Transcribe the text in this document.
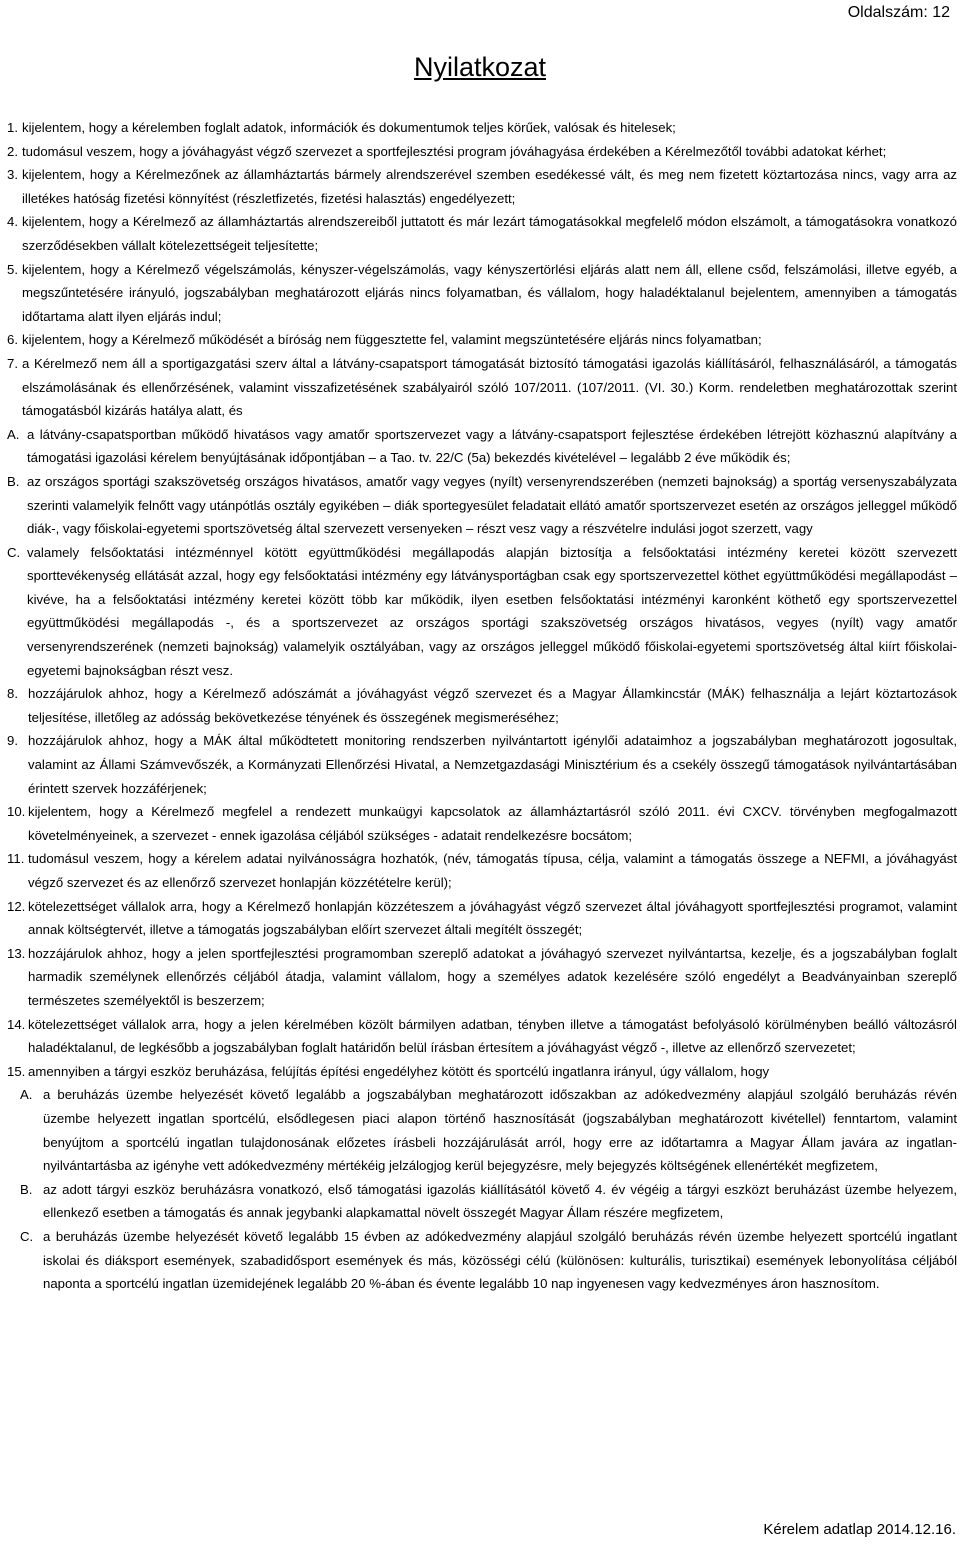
Oldalszám: 12
Nyilatkozat
1. kijelentem, hogy a kérelemben foglalt adatok, információk és dokumentumok teljes körűek, valósak és hitelesek;
2. tudomásul veszem, hogy a jóváhagyást végző szervezet a sportfejlesztési program jóváhagyása érdekében a Kérelmezőtől további adatokat kérhet;
3. kijelentem, hogy a Kérelmezőnek az államháztartás bármely alrendszerével szemben esedékessé vált, és meg nem fizetett köztartozása nincs, vagy arra az illetékes hatóság fizetési könnyítést (részletfizetés, fizetési halasztás) engedélyezett;
4. kijelentem, hogy a Kérelmező az államháztartás alrendszereiből juttatott és már lezárt támogatásokkal megfelelő módon elszámolt, a támogatásokra vonatkozó szerződésekben vállalt kötelezettségeit teljesítette;
5. kijelentem, hogy a Kérelmező végelszámolás, kényszer-végelszámolás, vagy kényszertörlési eljárás alatt nem áll, ellene csőd, felszámolási, illetve egyéb, a megszűntetésére irányuló, jogszabályban meghatározott eljárás nincs folyamatban, és vállalom, hogy haladéktalanul bejelentem, amennyiben a támogatás időtartama alatt ilyen eljárás indul;
6. kijelentem, hogy a Kérelmező működését a bíróság nem függesztette fel, valamint megszüntetésére eljárás nincs folyamatban;
7. a Kérelmező nem áll a sportigazgatási szerv által a látvány-csapatsport támogatását biztosító támogatási igazolás kiállításáról, felhasználásáról, a támogatás elszámolásának és ellenőrzésének, valamint visszafizetésének szabályairól szóló 107/2011. (107/2011. (VI. 30.) Korm. rendeletben meghatározottak szerint támogatásból kizárás hatálya alatt, és
A. a látvány-csapatsportban működő hivatásos vagy amatőr sportszervezet vagy a látvány-csapatsport fejlesztése érdekében létrejött közhasznú alapítvány a támogatási igazolási kérelem benyújtásának időpontjában – a Tao. tv. 22/C (5a) bekezdés kivételével – legalább 2 éve működik és;
B. az országos sportági szakszövetség országos hivatásos, amatőr vagy vegyes (nyílt) versenyrendszerében (nemzeti bajnokság) a sportág versenyszabályzata szerinti valamelyik felnőtt vagy utánpótlás osztály egyikében – diák sportegyesület feladatait ellátó amatőr sportszervezet esetén az országos jelleggel működő diák-, vagy főiskolai-egyetemi sportszövetség által szervezett versenyeken – részt vesz vagy a részvételre indulási jogot szerzett, vagy
C. valamely felsőoktatási intézménnyel kötött együttműködési megállapodás alapján biztosítja a felsőoktatási intézmény keretei között szervezett sporttevékenység ellátását azzal, hogy egy felsőoktatási intézmény egy látványsportágban csak egy sportszervezettel köthet együttműködési megállapodást – kivéve, ha a felsőoktatási intézmény keretei között több kar működik, ilyen esetben felsőoktatási intézményi karonként köthető egy sportszervezettel együttműködési megállapodás -, és a sportszervezet az országos sportági szakszövetség országos hivatásos, vegyes (nyílt) vagy amatőr versenyrendszerének (nemzeti bajnokság) valamelyik osztályában, vagy az országos jelleggel működő főiskolai-egyetemi sportszövetség által kiírt főiskolai-egyetemi bajnokságban részt vesz.
8. hozzájárulok ahhoz, hogy a Kérelmező adószámát a jóváhagyást végző szervezet és a Magyar Államkincstár (MÁK) felhasználja a lejárt köztartozások teljesítése, illetőleg az adósság bekövetkezése tényének és összegének megismeréséhez;
9. hozzájárulok ahhoz, hogy a MÁK által működtetett monitoring rendszerben nyilvántartott igénylői adataimhoz a jogszabályban meghatározott jogosultak, valamint az Állami Számvevőszék, a Kormányzati Ellenőrzési Hivatal, a Nemzetgazdasági Minisztérium és a csekély összegű támogatások nyilvántartásában érintett szervek hozzáférjenek;
10. kijelentem, hogy a Kérelmező megfelel a rendezett munkaügyi kapcsolatok az államháztartásról szóló 2011. évi CXCV. törvényben megfogalmazott követelményeinek, a szervezet - ennek igazolása céljából szükséges - adatait rendelkezésre bocsátom;
11. tudomásul veszem, hogy a kérelem adatai nyilvánosságra hozhatók, (név, támogatás típusa, célja, valamint a támogatás összege a NEFMI, a jóváhagyást végző szervezet és az ellenőrző szervezet honlapján közzétételre kerül);
12. kötelezettséget vállalok arra, hogy a Kérelmező honlapján közzéteszem a jóváhagyást végző szervezet által jóváhagyott sportfejlesztési programot, valamint annak költségtervét, illetve a támogatás jogszabályban előírt szervezet általi megítélt összegét;
13. hozzájárulok ahhoz, hogy a jelen sportfejlesztési programomban szereplő adatokat a jóváhagyó szervezet nyilvántartsa, kezelje, és a jogszabályban foglalt harmadik személynek ellenőrzés céljából átadja, valamint vállalom, hogy a személyes adatok kezelésére szóló engedélyt a Beadványainban szereplő természetes személyektől is beszerzem;
14. kötelezettséget vállalok arra, hogy a jelen kérelmében közölt bármilyen adatban, tényben illetve a támogatást befolyásoló körülményben beálló változásról haladéktalanul, de legkésőbb a jogszabályban foglalt határidőn belül írásban értesítem a jóváhagyást végző -, illetve az ellenőrző szervezetet;
15. amennyiben a tárgyi eszköz beruházása, felújítás építési engedélyhez kötött és sportcélú ingatlanra irányul, úgy vállalom, hogy
A. a beruházás üzembe helyezését követő legalább a jogszabályban meghatározott időszakban az adókedvezmény alapjául szolgáló beruházás révén üzembe helyezett ingatlan sportcélú, elsődlegesen piaci alapon történő hasznosítását (jogszabályban meghatározott kivétellel) fenntartom, valamint benyújtom a sportcélú ingatlan tulajdonosának előzetes írásbeli hozzájárulását arról, hogy erre az időtartamra a Magyar Állam javára az ingatlan-nyilvántartásba az igényhe vett adókedvezmény mértékéig jelzálogjog kerül bejegyzésre, mely bejegyzés költségének ellenértékét megfizetem,
B. az adott tárgyi eszköz beruházásra vonatkozó, első támogatási igazolás kiállításától követő 4. év végéig a tárgyi eszközt beruházást üzembe helyezem, ellenkező esetben a támogatás és annak jegybanki alapkamattal növelt összegét Magyar Állam részére megfizetem,
C. a beruházás üzembe helyezését követő legalább 15 évben az adókedvezmény alapjául szolgáló beruházás révén üzembe helyezett sportcélú ingatlant iskolai és diáksport események, szabadidősport események és más, közösségi célú (különösen: kulturális, turisztikai) események lebonyolítása céljából naponta a sportcélú ingatlan üzemidejének legalább 20 %-ában és évente legalább 10 nap ingyenesen vagy kedvezményes áron hasznosítom.
Kérelem adatlap 2014.12.16.
